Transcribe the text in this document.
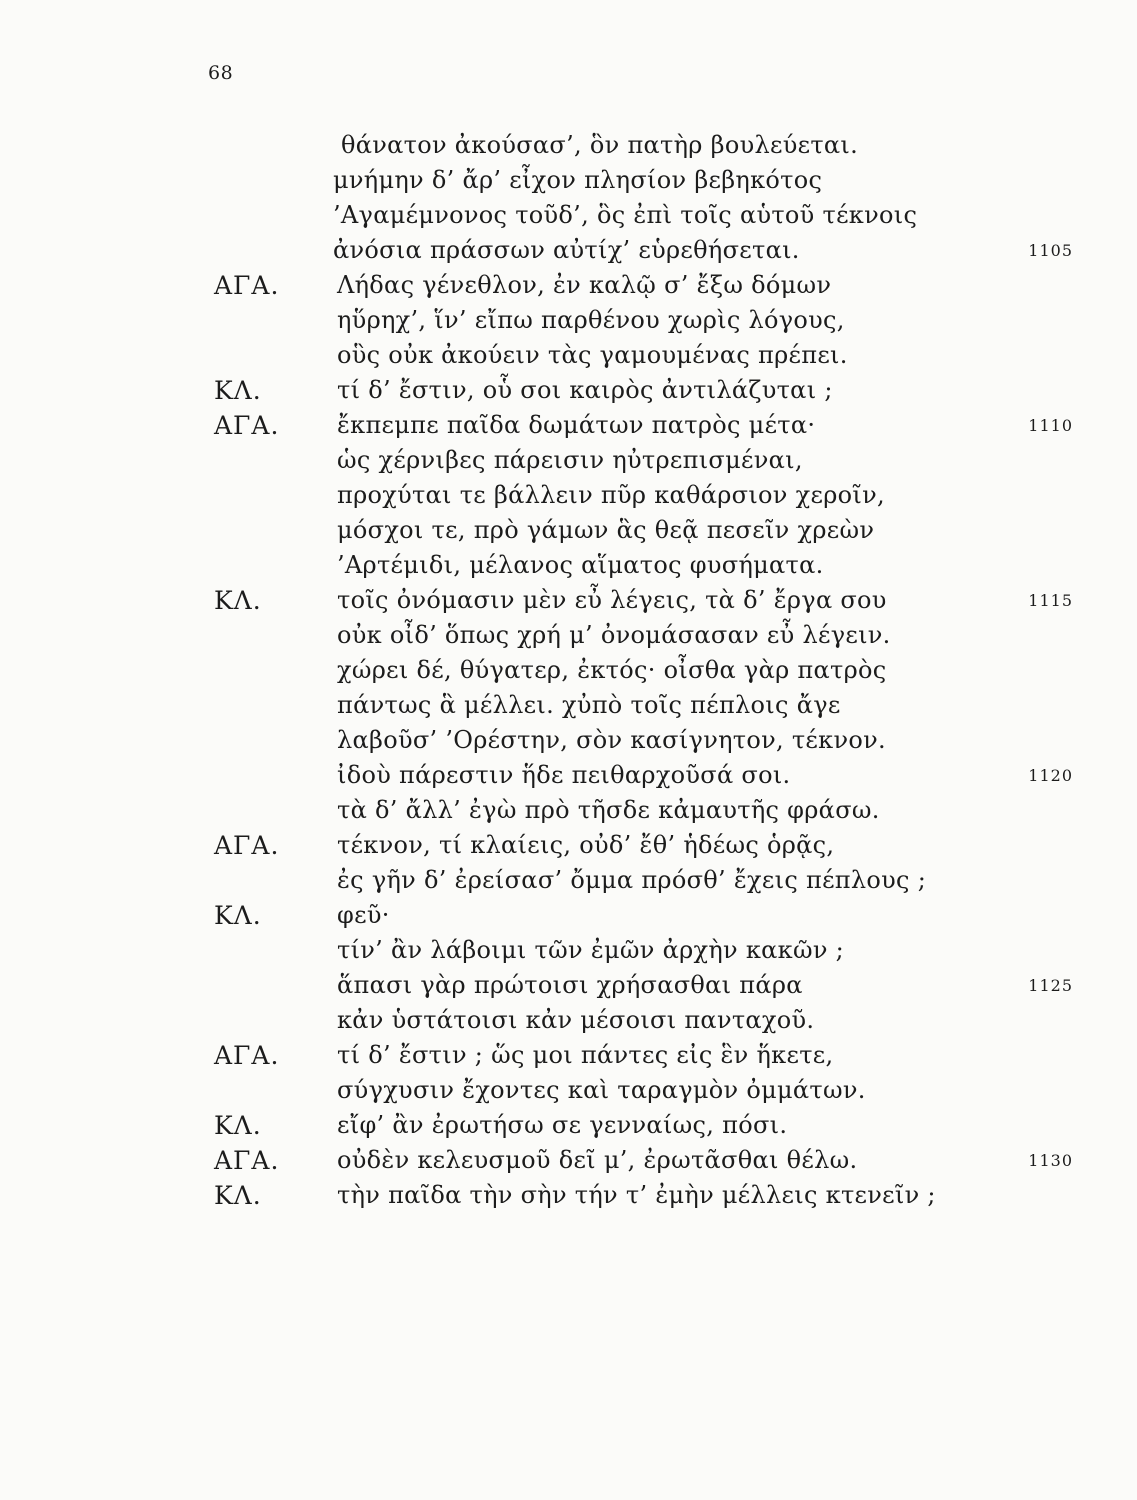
68
θάνατον ἀκούσασ’, ὃν πατὴρ βουλεύεται.
μνήμην δ’ ἄρ’ εἶχον πλησίον βεβηκότος
’Αγαμέμνονος τοῦδ’, ὃς ἐπὶ τοῖς αὑτοῦ τέκνοις
ἀνόσια πράσσων αὐτίχ’ εὑρεθήσεται.	1105
ΑΓΑ. Λήδας γένεθλον, ἐν καλῷ σ’ ἔξω δόμων
ηὕρηχ’, ἵν’ εἴπω παρθένου χωρὶς λόγους,
οὓς οὐκ ἀκούειν τὰς γαμουμένας πρέπει.
ΚΛ.	τί δ’ ἔστιν, οὗ σοι καιρὸς ἀντιλάζυται ;
ΑΓΑ. ἔκπεμπε παῖδα δωμάτων πατρὸς μέτα·	1110
ὡς χέρνιβες πάρεισιν ηὐτρεπισμέναι,
προχύται τε βάλλειν πῦρ καθάρσιον χεροῖν,
μόσχοι τε, πρὸ γάμων ἃς θεᾷ πεσεῖν χρεὼν
’Αρτέμιδι, μέλανος αἵματος φυσήματα.
ΚΛ.	τοῖς ὀνόμασιν μὲν εὖ λέγεις, τὰ δ’ ἔργα σου	1115
οὐκ οἶδ’ ὅπως χρή μ’ ὀνομάσασαν εὖ λέγειν.
χώρει δέ, θύγατερ, ἐκτός· οἶσθα γὰρ πατρὸς
πάντως ἃ μέλλει. χὐπὸ τοῖς πέπλοις ἄγε
λαβοῦσ’ ’Ορέστην, σὸν κασίγνητον, τέκνον.
ἰδοὺ πάρεστιν ἥδε πειθαρχοῦσά σοι.	1120
τὰ δ’ ἄλλ’ ἐγὼ πρὸ τῆσδε κἀμαυτῆς φράσω.
ΑΓΑ. τέκνον, τί κλαίεις, οὐδ’ ἔθ’ ἡδέως ὁρᾷς,
ἐς γῆν δ’ ἐρείσασ’ ὄμμα πρόσθ’ ἔχεις πέπλους ;
ΚΛ.	φεῦ·
τίν’ ἂν λάβοιμι τῶν ἐμῶν ἀρχὴν κακῶν ;
ἅπασι γὰρ πρώτοισι χρήσασθαι πάρα	1125
κἀν ὑστάτοισι κἀν μέσοισι πανταχοῦ.
ΑΓΑ. τί δ’ ἔστιν ; ὥς μοι πάντες εἰς ἓν ἥκετε,
σύγχυσιν ἔχοντες καὶ ταραγμὸν ὀμμάτων.
ΚΛ.	εἴφ’ ἂν ἐρωτήσω σε γενναίως, πόσι.
ΑΓΑ. οὐδὲν κελευσμοῦ δεῖ μ’, ἐρωτᾶσθαι θέλω.	1130
ΚΛ.	τὴν παῖδα τὴν σὴν τήν τ’ ἐμὴν μέλλεις κτενεῖν ;
